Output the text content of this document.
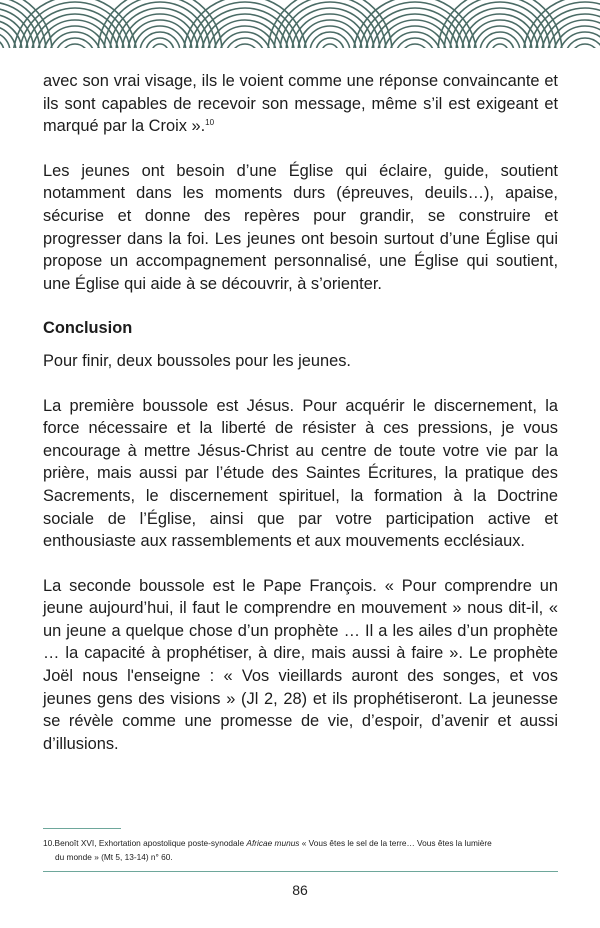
avec son vrai visage, ils le voient comme une réponse convaincante et ils sont capables de recevoir son message, même s’il est exigeant et marqué par la Croix ».$^{10}$

Les jeunes ont besoin d’une Église qui éclaire, guide, soutient notamment dans les moments durs (épreuves, deuils…), apaise, sécurise et donne des repères pour grandir, se construire et progresser dans la foi. Les jeunes ont besoin surtout d’une Église qui propose un accompagnement personnalisé, une Église qui soutient, une Église qui aide à se découvrir, à s’orienter.

Conclusion

Pour finir, deux boussoles pour les jeunes.

La première boussole est Jésus. Pour acquérir le discernement, la force nécessaire et la liberté de résister à ces pressions, je vous encourage à mettre Jésus-Christ au centre de toute votre vie par la prière, mais aussi par l’étude des Saintes Écritures, la pratique des Sacrements, le discernement spirituel, la formation à la Doctrine sociale de l’Église, ainsi que par votre participation active et enthousiaste aux rassemblements et aux mouvements ecclésiaux.

La seconde boussole est le Pape François. « Pour comprendre un jeune aujourd’hui, il faut le comprendre en mouvement » nous dit-il, « un jeune a quelque chose d’un prophète … Il a les ailes d’un prophète … la capacité à prophétiser, à dire, mais aussi à faire ». Le prophète Joël nous l'enseigne : « Vos vieillards auront des songes, et vos jeunes gens des visions » (Jl 2, 28) et ils prophétiseront. La jeunesse se révèle comme une promesse de vie, d’espoir, d’avenir et aussi d’illusions.

10.Benoît XVI, Exhortation apostolique poste-synodale Africae munus « Vous êtes le sel de la terre… Vous êtes la lumière
du monde » (Mt 5, 13-14) n° 60.
86
